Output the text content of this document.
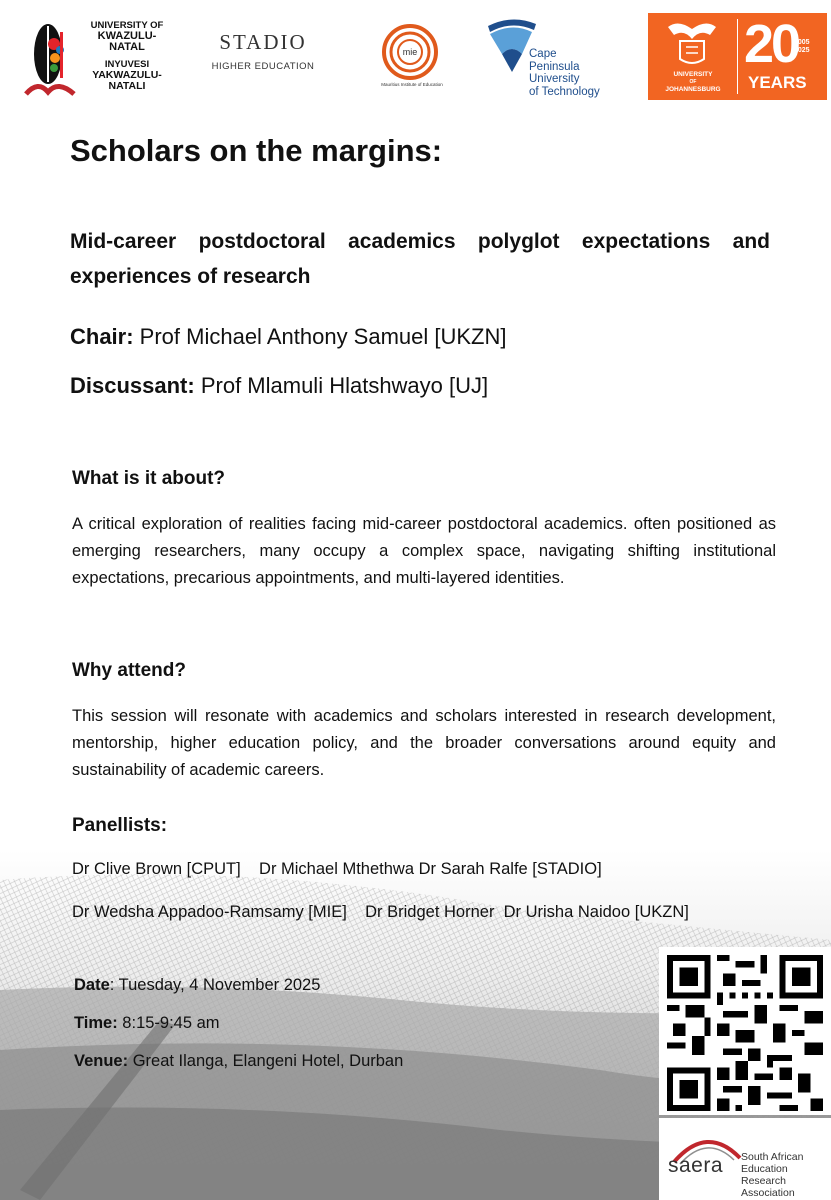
UNIVERSITY OF
KWAZULU-NATAL
INYUVESI
YAKWAZULU-NATALI
STADIO
HIGHER EDUCATION
mie
Mauritius Institute of Education
Cape
Peninsula
University
of Technology
UNIVERSITY
OF
JOHANNESBURG
20
2005
2025
YEARS
Scholars on the margins:
Mid-career postdoctoral academics polyglot expectations and experiences of research
Chair: Prof Michael Anthony Samuel [UKZN]
Discussant: Prof Mlamuli Hlatshwayo [UJ]
What is it about?
A critical exploration of realities facing mid-career postdoctoral academics. often positioned as emerging researchers, many occupy a complex space, navigating shifting institutional expectations, precarious appointments, and multi-layered identities.
Why attend?
This session will resonate with academics and scholars interested in research development, mentorship, higher education policy, and the broader conversations around equity and sustainability of academic careers.
Panellists:
Dr Clive Brown [CPUT]    Dr Michael Mthethwa Dr Sarah Ralfe [STADIO]
Dr Wedsha Appadoo-Ramsamy [MIE]    Dr Bridget Horner  Dr Urisha Naidoo [UKZN]
Date: Tuesday, 4 November 2025
Time: 8:15-9:45 am
Venue: Great Ilanga, Elangeni Hotel, Durban
saera South African Education Research Association
